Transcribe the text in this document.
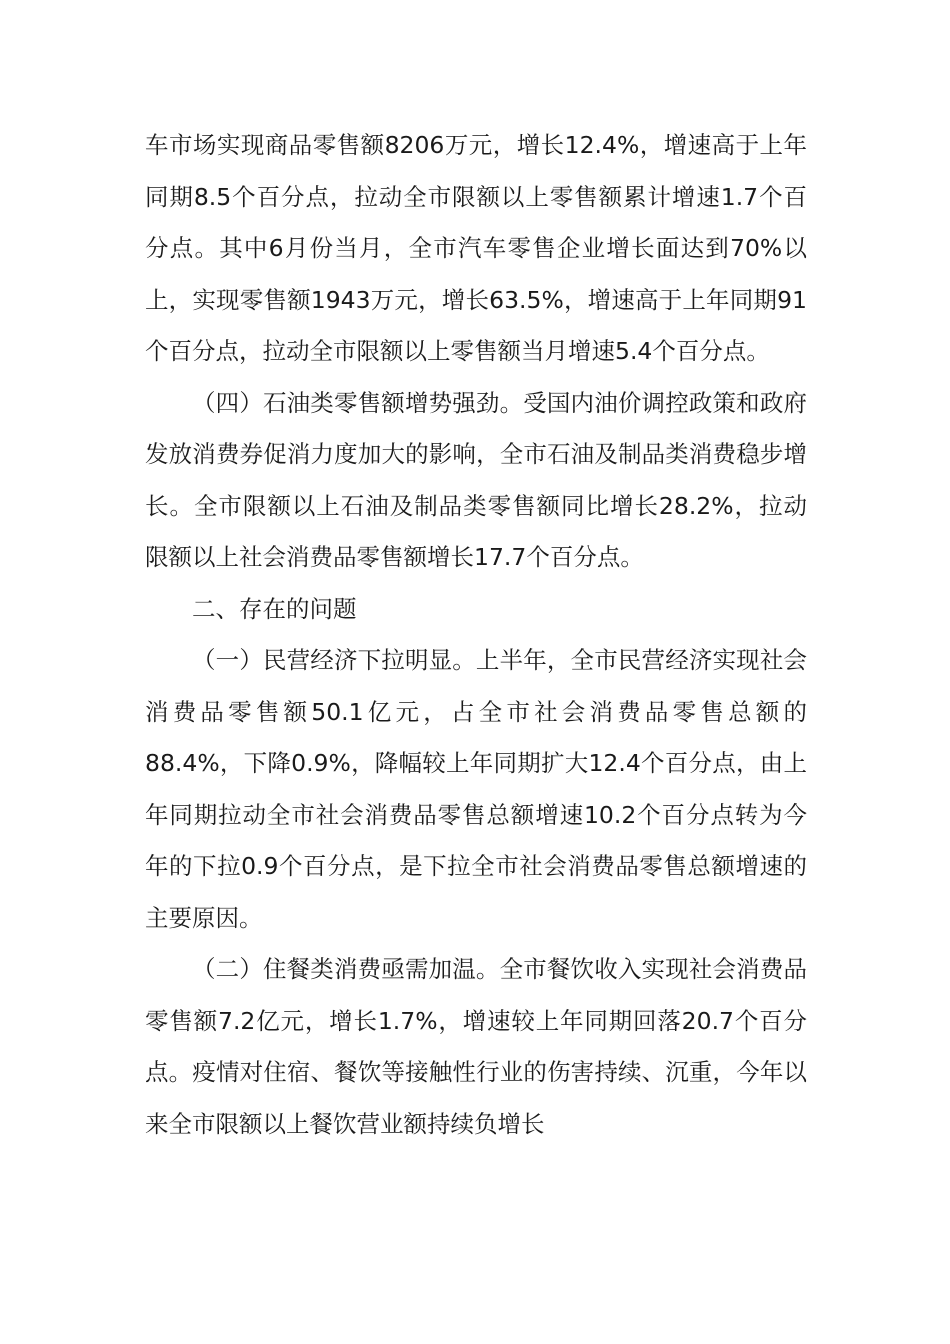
车市场实现商品零售额8206万元，增长12.4%，增速高于上年同期8.5个百分点，拉动全市限额以上零售额累计增速1.7个百分点。其中6月份当月，全市汽车零售企业增长面达到70%以上，实现零售额1943万元，增长63.5%，增速高于上年同期91个百分点，拉动全市限额以上零售额当月增速5.4个百分点。

（四）石油类零售额增势强劲。受国内油价调控政策和政府发放消费券促消力度加大的影响，全市石油及制品类消费稳步增长。全市限额以上石油及制品类零售额同比增长28.2%，拉动限额以上社会消费品零售额增长17.7个百分点。

二、存在的问题

（一）民营经济下拉明显。上半年，全市民营经济实现社会消费品零售额50.1亿元，占全市社会消费品零售总额的88.4%，下降0.9%，降幅较上年同期扩大12.4个百分点，由上年同期拉动全市社会消费品零售总额增速10.2个百分点转为今年的下拉0.9个百分点，是下拉全市社会消费品零售总额增速的主要原因。

（二）住餐类消费亟需加温。全市餐饮收入实现社会消费品零售额7.2亿元，增长1.7%，增速较上年同期回落20.7个百分点。疫情对住宿、餐饮等接触性行业的伤害持续、沉重，今年以来全市限额以上餐饮营业额持续负增长
